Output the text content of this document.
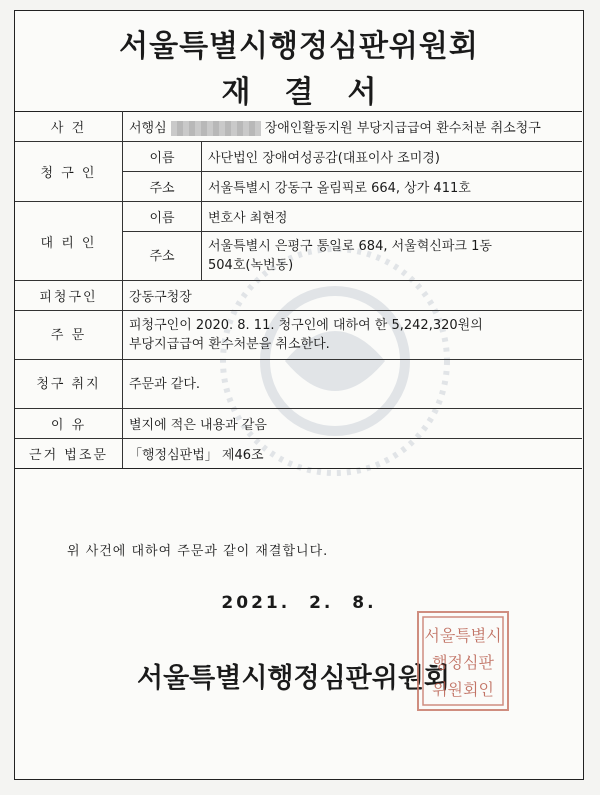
서울특별시행정심판위원회
재결서
사 건	서행심 장애인활동지원 부당지급급여 환수처분 취소청구	
청 구 인	이름	사단법인 장애여성공감(대표이사 조미경)
	주소	서울특별시 강동구 올림픽로 664, 상가 411호
대 리 인	이름	변호사 최현정
	주소	서울특별시 은평구 통일로 684, 서울혁신파크 1동
504호(녹번동)

피청구인	강동구청장	
주 문	피청구인이 2020. 8. 11. 청구인에 대하여 한 5,242,320원의
부당지급급여 환수처분을 취소한다.	

청구 취지	주문과 같다.	
이 유	별지에 적은 내용과 같음	
근거 법조문	「행정심판법」 제46조	
위 사건에 대하여 주문과 같이 재결합니다.
2021. 2. 8.
서울특별시행정심판위원회
서울특별시
행정심판
위원회인
